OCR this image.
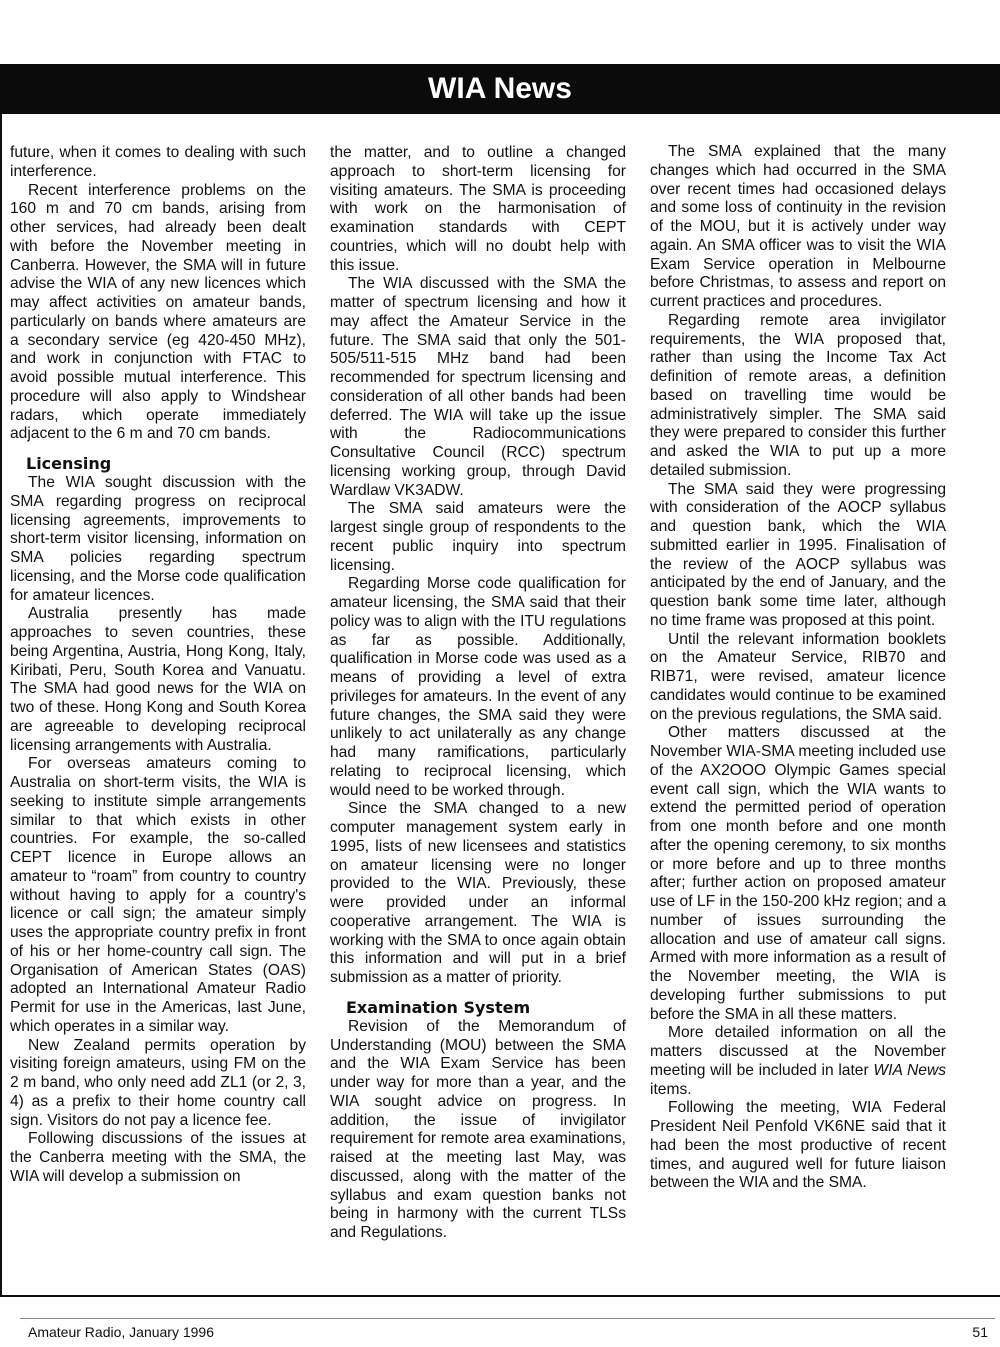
WIA News

future, when it comes to dealing with such interference.

Recent interference problems on the 160 m and 70 cm bands, arising from other services, had already been dealt with before the November meeting in Canberra. However, the SMA will in future advise the WIA of any new licences which may affect activities on amateur bands, particularly on bands where amateurs are a secondary service (eg 420-450 MHz), and work in conjunction with FTAC to avoid possible mutual interference. This procedure will also apply to Windshear radars, which operate immediately adjacent to the 6 m and 70 cm bands.

Licensing

The WIA sought discussion with the SMA regarding progress on reciprocal licensing agreements, improvements to short-term visitor licensing, information on SMA policies regarding spectrum licensing, and the Morse code qualification for amateur licences.

Australia presently has made approaches to seven countries, these being Argentina, Austria, Hong Kong, Italy, Kiribati, Peru, South Korea and Vanuatu. The SMA had good news for the WIA on two of these. Hong Kong and South Korea are agreeable to developing reciprocal licensing arrangements with Australia.

For overseas amateurs coming to Australia on short-term visits, the WIA is seeking to institute simple arrangements similar to that which exists in other countries. For example, the so-called CEPT licence in Europe allows an amateur to “roam” from country to country without having to apply for a country's licence or call sign; the amateur simply uses the appropriate country prefix in front of his or her home-country call sign. The Organisation of American States (OAS) adopted an International Amateur Radio Permit for use in the Americas, last June, which operates in a similar way.

New Zealand permits operation by visiting foreign amateurs, using FM on the 2 m band, who only need add ZL1 (or 2, 3, 4) as a prefix to their home country call sign. Visitors do not pay a licence fee.

Following discussions of the issues at the Canberra meeting with the SMA, the WIA will develop a submission on

the matter, and to outline a changed approach to short-term licensing for visiting amateurs. The SMA is proceeding with work on the harmonisation of examination standards with CEPT countries, which will no doubt help with this issue.

The WIA discussed with the SMA the matter of spectrum licensing and how it may affect the Amateur Service in the future. The SMA said that only the 501-505/511-515 MHz band had been recommended for spectrum licensing and consideration of all other bands had been deferred. The WIA will take up the issue with the Radiocommunications Consultative Council (RCC) spectrum licensing working group, through David Wardlaw VK3ADW.

The SMA said amateurs were the largest single group of respondents to the recent public inquiry into spectrum licensing.

Regarding Morse code qualification for amateur licensing, the SMA said that their policy was to align with the ITU regulations as far as possible. Additionally, qualification in Morse code was used as a means of providing a level of extra privileges for amateurs. In the event of any future changes, the SMA said they were unlikely to act unilaterally as any change had many ramifications, particularly relating to reciprocal licensing, which would need to be worked through.

Since the SMA changed to a new computer management system early in 1995, lists of new licensees and statistics on amateur licensing were no longer provided to the WIA. Previously, these were provided under an informal cooperative arrangement. The WIA is working with the SMA to once again obtain this information and will put in a brief submission as a matter of priority.

Examination System

Revision of the Memorandum of Understanding (MOU) between the SMA and the WIA Exam Service has been under way for more than a year, and the WIA sought advice on progress. In addition, the issue of invigilator requirement for remote area examinations, raised at the meeting last May, was discussed, along with the matter of the syllabus and exam question banks not being in harmony with the current TLSs and Regulations.

The SMA explained that the many changes which had occurred in the SMA over recent times had occasioned delays and some loss of continuity in the revision of the MOU, but it is actively under way again. An SMA officer was to visit the WIA Exam Service operation in Melbourne before Christmas, to assess and report on current practices and procedures.

Regarding remote area invigilator requirements, the WIA proposed that, rather than using the Income Tax Act definition of remote areas, a definition based on travelling time would be administratively simpler. The SMA said they were prepared to consider this further and asked the WIA to put up a more detailed submission.

The SMA said they were progressing with consideration of the AOCP syllabus and question bank, which the WIA submitted earlier in 1995. Finalisation of the review of the AOCP syllabus was anticipated by the end of January, and the question bank some time later, although no time frame was proposed at this point.

Until the relevant information booklets on the Amateur Service, RIB70 and RIB71, were revised, amateur licence candidates would continue to be examined on the previous regulations, the SMA said.

Other matters discussed at the November WIA-SMA meeting included use of the AX2OOO Olympic Games special event call sign, which the WIA wants to extend the permitted period of operation from one month before and one month after the opening ceremony, to six months or more before and up to three months after; further action on proposed amateur use of LF in the 150-200 kHz region; and a number of issues surrounding the allocation and use of amateur call signs. Armed with more information as a result of the November meeting, the WIA is developing further submissions to put before the SMA in all these matters.

More detailed information on all the matters discussed at the November meeting will be included in later WIA News items.

Following the meeting, WIA Federal President Neil Penfold VK6NE said that it had been the most productive of recent times, and augured well for future liaison between the WIA and the SMA.

Amateur Radio, January 1996	51
